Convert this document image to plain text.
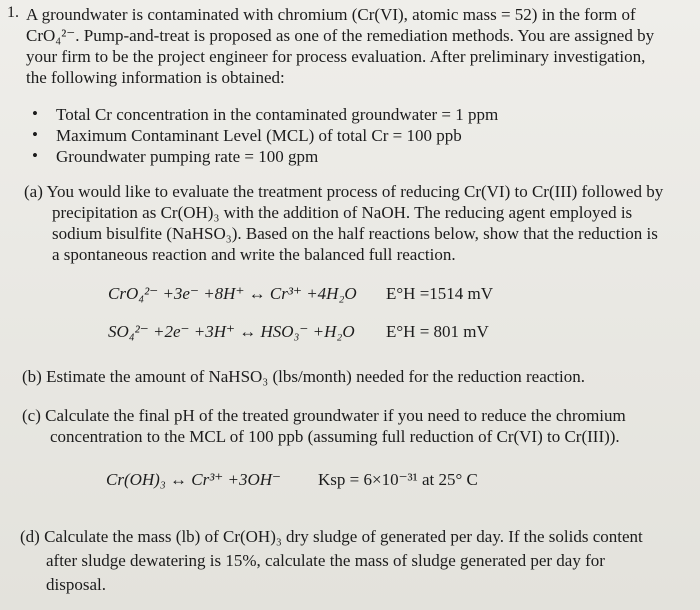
1. A groundwater is contaminated with chromium (Cr(VI), atomic mass = 52) in the form of
CrO₄²⁻. Pump-and-treat is proposed as one of the remediation methods. You are assigned by
your firm to be the project engineer for process evaluation. After preliminary investigation,
the following information is obtained:
• Total Cr concentration in the contaminated groundwater = 1 ppm
• Maximum Contaminant Level (MCL) of total Cr = 100 ppb
• Groundwater pumping rate = 100 gpm
(a) You would like to evaluate the treatment process of reducing Cr(VI) to Cr(III) followed by
precipitation as Cr(OH)₃ with the addition of NaOH. The reducing agent employed is
sodium bisulfite (NaHSO₃). Based on the half reactions below, show that the reduction is
a spontaneous reaction and write the balanced full reaction.
CrO₄²⁻ +3e⁻ +8H⁺ ↔ Cr³⁺ +4H₂O E°H =1514 mV
SO₄²⁻ +2e⁻ +3H⁺ ↔ HSO₃⁻ +H₂O E°H = 801 mV
(b) Estimate the amount of NaHSO₃ (lbs/month) needed for the reduction reaction.
(c) Calculate the final pH of the treated groundwater if you need to reduce the chromium
concentration to the MCL of 100 ppb (assuming full reduction of Cr(VI) to Cr(III)).
Cr(OH)₃ ↔ Cr³⁺ +3OH⁻ Ksp = 6×10⁻³¹ at 25° C
(d) Calculate the mass (lb) of Cr(OH)₃ dry sludge of generated per day. If the solids content
after sludge dewatering is 15%, calculate the mass of sludge generated per day for
disposal.
